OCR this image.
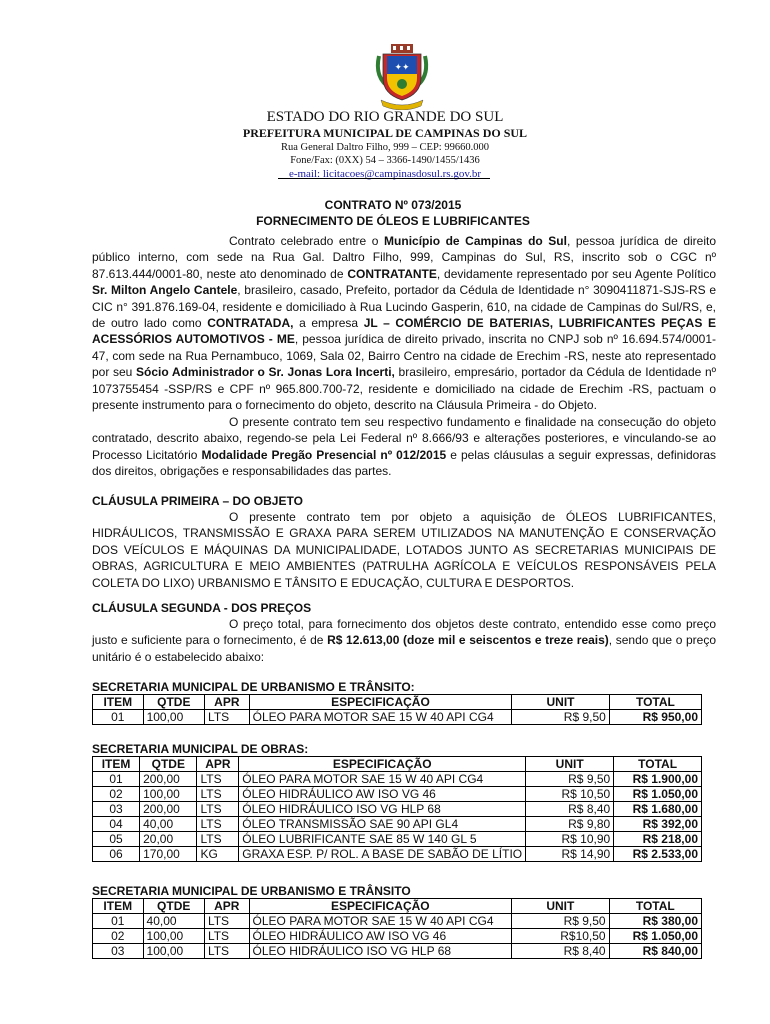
✦✦
ESTADO DO RIO GRANDE DO SUL
PREFEITURA MUNICIPAL DE CAMPINAS DO SUL
Rua General Daltro Filho, 999 – CEP: 99660.000
Fone/Fax: (0XX) 54 – 3366-1490/1455/1436
e-mail: licitacoes@campinasdosul.rs.gov.br
CONTRATO Nº 073/2015
FORNECIMENTO DE ÓLEOS E LUBRIFICANTES

Contrato celebrado entre o Município de Campinas do Sul, pessoa jurídica de direito público interno, com sede na Rua Gal. Daltro Filho, 999, Campinas do Sul, RS, inscrito sob o CGC nº 87.613.444/0001-80, neste ato denominado de CONTRATANTE, devidamente representado por seu Agente Político Sr. Milton Angelo Cantele, brasileiro, casado, Prefeito, portador da Cédula de Identidade n° 3090411871-SJS-RS e CIC n° 391.876.169-04, residente e domiciliado à Rua Lucindo Gasperin, 610, na cidade de Campinas do Sul/RS, e, de outro lado como CONTRATADA, a empresa JL – COMÉRCIO DE BATERIAS, LUBRIFICANTES PEÇAS E ACESSÓRIOS AUTOMOTIVOS - ME, pessoa jurídica de direito privado, inscrita no CNPJ sob nº 16.694.574/0001-47, com sede na Rua Pernambuco, 1069, Sala 02, Bairro Centro na cidade de Erechim -RS, neste ato representado por seu Sócio Administrador o Sr. Jonas Lora Incerti, brasileiro, empresário, portador da Cédula de Identidade nº 1073755454 -SSP/RS e CPF nº 965.800.700-72, residente e domiciliado na cidade de Erechim -RS, pactuam o presente instrumento para o fornecimento do objeto, descrito na Cláusula Primeira - do Objeto.

O presente contrato tem seu respectivo fundamento e finalidade na consecução do objeto contratado, descrito abaixo, regendo-se pela Lei Federal nº 8.666/93 e alterações posteriores, e vinculando-se ao Processo Licitatório Modalidade Pregão Presencial nº 012/2015 e pelas cláusulas a seguir expressas, definidoras dos direitos, obrigações e responsabilidades das partes.

CLÁUSULA PRIMEIRA – DO OBJETO

O presente contrato tem por objeto a aquisição de ÓLEOS LUBRIFICANTES, HIDRÁULICOS, TRANSMISSÃO E GRAXA PARA SEREM UTILIZADOS NA MANUTENÇÃO E CONSERVAÇÃO DOS VEÍCULOS E MÁQUINAS DA MUNICIPALIDADE, LOTADOS JUNTO AS SECRETARIAS MUNICIPAIS DE OBRAS, AGRICULTURA E MEIO AMBIENTES (PATRULHA AGRÍCOLA E VEÍCULOS RESPONSÁVEIS PELA COLETA DO LIXO) URBANISMO E TÂNSITO E EDUCAÇÃO, CULTURA E DESPORTOS.

CLÁUSULA SEGUNDA - DOS PREÇOS

O preço total, para fornecimento dos objetos deste contrato, entendido esse como preço justo e suficiente para o fornecimento, é de R$ 12.613,00 (doze mil e seiscentos e treze reais), sendo que o preço unitário é o estabelecido abaixo:

SECRETARIA MUNICIPAL DE URBANISMO E TRÂNSITO:
ITEM	QTDE	APR	ESPECIFICAÇÃO	UNIT	TOTAL
01	100,00	LTS	ÓLEO PARA MOTOR SAE 15 W 40 API CG4	R$ 9,50	R$ 950,00
SECRETARIA MUNICIPAL DE OBRAS:
ITEM	QTDE	APR	ESPECIFICAÇÃO	UNIT	TOTAL
01	200,00	LTS	ÓLEO PARA MOTOR SAE 15 W 40 API CG4	R$ 9,50	R$ 1.900,00
02	100,00	LTS	ÓLEO HIDRÁULICO AW ISO VG 46	R$ 10,50	R$ 1.050,00
03	200,00	LTS	ÓLEO HIDRÁULICO ISO VG HLP 68	R$ 8,40	R$ 1.680,00
04	40,00	LTS	ÓLEO TRANSMISSÃO SAE 90 API GL4	R$ 9,80	R$ 392,00
05	20,00	LTS	ÓLEO LUBRIFICANTE SAE 85 W 140 GL 5	R$ 10,90	R$ 218,00
06	170,00	KG	GRAXA ESP. P/ ROL. A BASE DE SABÃO DE LÍTIO	R$ 14,90	R$ 2.533,00
SECRETARIA MUNICIPAL DE URBANISMO E TRÂNSITO
ITEM	QTDE	APR	ESPECIFICAÇÃO	UNIT	TOTAL
01	40,00	LTS	ÓLEO PARA MOTOR SAE 15 W 40 API CG4	R$ 9,50	R$ 380,00
02	100,00	LTS	ÓLEO HIDRÁULICO AW ISO VG 46	R$10,50	R$ 1.050,00
03	100,00	LTS	ÓLEO HIDRÁULICO ISO VG HLP 68	R$ 8,40	R$ 840,00
